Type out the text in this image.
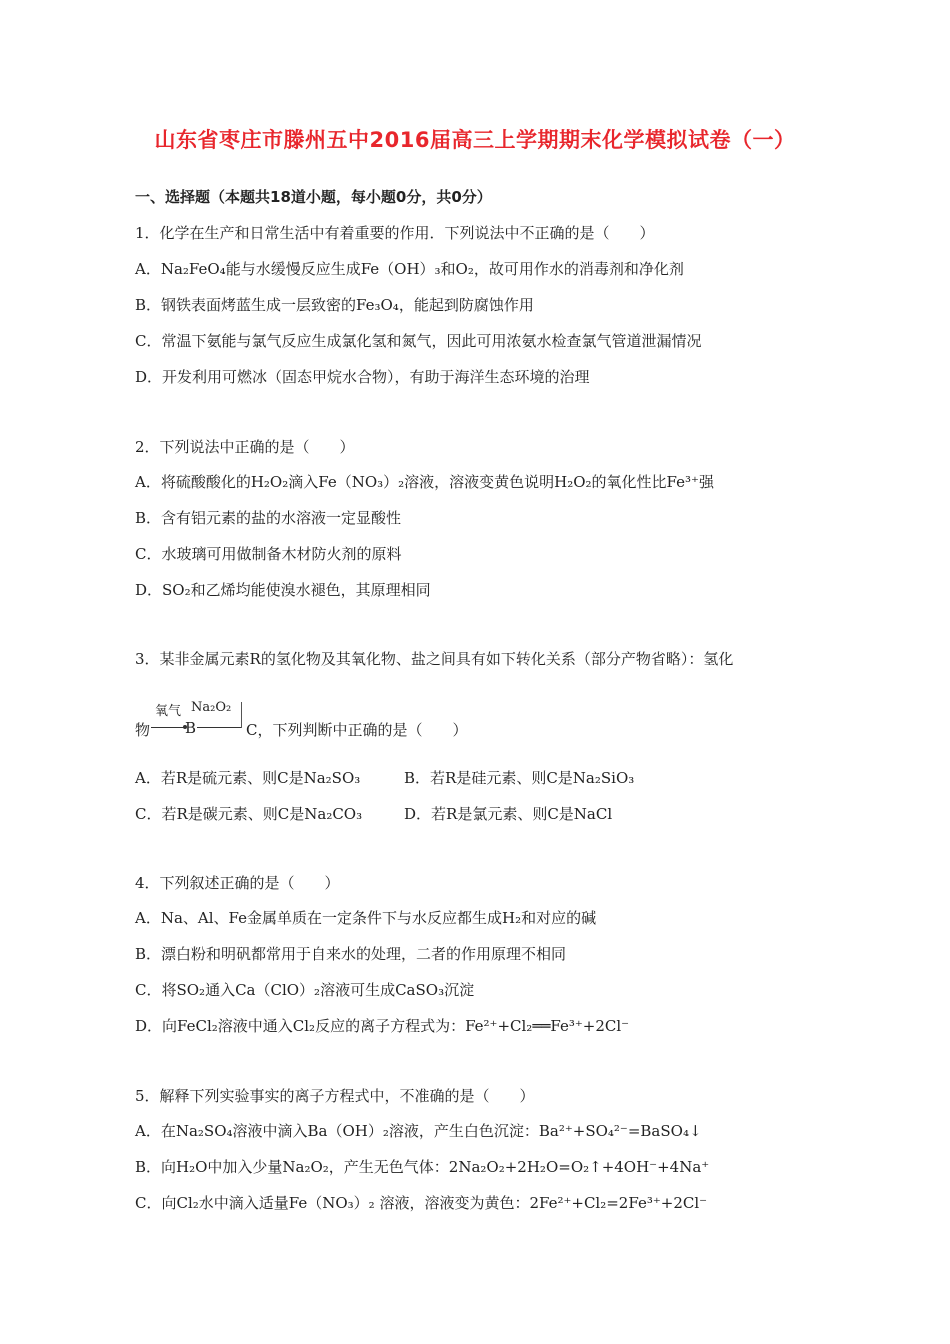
山东省枣庄市滕州五中2016届高三上学期期末化学模拟试卷（一）
一、选择题（本题共18道小题，每小题0分，共0分）
1．化学在生产和日常生活中有着重要的作用．下列说法中不正确的是（　　）
A．Na₂FeO₄能与水缓慢反应生成Fe（OH）₃和O₂，故可用作水的消毒剂和净化剂
B．钢铁表面烤蓝生成一层致密的Fe₃O₄，能起到防腐蚀作用
C．常温下氨能与氯气反应生成氯化氢和氮气，因此可用浓氨水检查氯气管道泄漏情况
D．开发利用可燃冰（固态甲烷水合物），有助于海洋生态环境的治理
2．下列说法中正确的是（　　）
A．将硫酸酸化的H₂O₂滴入Fe（NO₃）₂溶液，溶液变黄色说明H₂O₂的氧化性比Fe³⁺强
B．含有铝元素的盐的水溶液一定显酸性
C．水玻璃可用做制备木材防火剂的原料
D．SO₂和乙烯均能使溴水褪色，其原理相同
3．某非金属元素R的氢化物及其氧化物、盐之间具有如下转化关系（部分产物省略）：氢化
氧气 Na₂O₂
物 B	C，下列判断中正确的是（　　）
A．若R是硫元素、则C是Na₂SO₃	B．若R是硅元素、则C是Na₂SiO₃
C．若R是碳元素、则C是Na₂CO₃	D．若R是氯元素、则C是NaCl
4．下列叙述正确的是（　　）
A．Na、Al、Fe金属单质在一定条件下与水反应都生成H₂和对应的碱
B．漂白粉和明矾都常用于自来水的处理，二者的作用原理不相同
C．将SO₂通入Ca（ClO）₂溶液可生成CaSO₃沉淀
D．向FeCl₂溶液中通入Cl₂反应的离子方程式为：Fe²⁺+Cl₂══Fe³⁺+2Cl⁻
5．解释下列实验事实的离子方程式中，不准确的是（　　）
A．在Na₂SO₄溶液中滴入Ba（OH）₂溶液，产生白色沉淀：Ba²⁺+SO₄²⁻=BaSO₄↓
B．向H₂O中加入少量Na₂O₂，产生无色气体：2Na₂O₂+2H₂O=O₂↑+4OH⁻+4Na⁺
C．向Cl₂水中滴入适量Fe（NO₃）₂ 溶液，溶液变为黄色：2Fe²⁺+Cl₂=2Fe³⁺+2Cl⁻
